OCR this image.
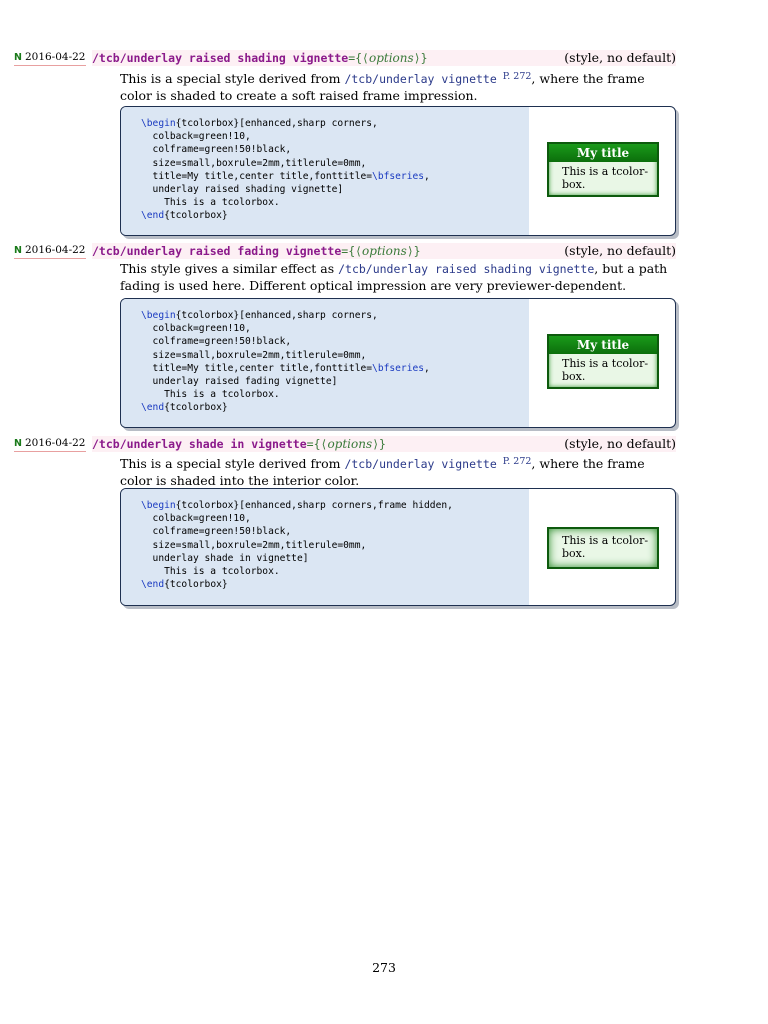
N 2016-04-22 /tcb/underlay raised shading vignette={⟨options⟩}	(style, no default)
This is a special style derived from /tcb/underlay vignette $^{P. 272}$, where the frame color is shaded to create a soft raised frame impression.
\begin{tcolorbox}[enhanced,sharp corners,
colback=green!10,
colframe=green!50!black,
size=small,boxrule=2mm,titlerule=0mm,
title=My title,center title,fonttitle=\bfseries,
underlay raised shading vignette]
This is a tcolorbox.
\end{tcolorbox}
My title
This is a tcolor- box.
N 2016-04-22 /tcb/underlay raised fading vignette={⟨options⟩}	(style, no default)
This style gives a similar effect as /tcb/underlay raised shading vignette, but a path fading is used here. Different optical impression are very previewer-dependent.
\begin{tcolorbox}[enhanced,sharp corners,
colback=green!10,
colframe=green!50!black,
size=small,boxrule=2mm,titlerule=0mm,
title=My title,center title,fonttitle=\bfseries,
underlay raised fading vignette]
This is a tcolorbox.
\end{tcolorbox}
My title
This is a tcolor- box.
N 2016-04-22 /tcb/underlay shade in vignette={⟨options⟩}	(style, no default)
This is a special style derived from /tcb/underlay vignette $^{P. 272}$, where the frame color is shaded into the interior color.
\begin{tcolorbox}[enhanced,sharp corners,frame hidden,
colback=green!10,
colframe=green!50!black,
size=small,boxrule=2mm,titlerule=0mm,
underlay shade in vignette]
This is a tcolorbox.
\end{tcolorbox}
This is a tcolor- box.
273
